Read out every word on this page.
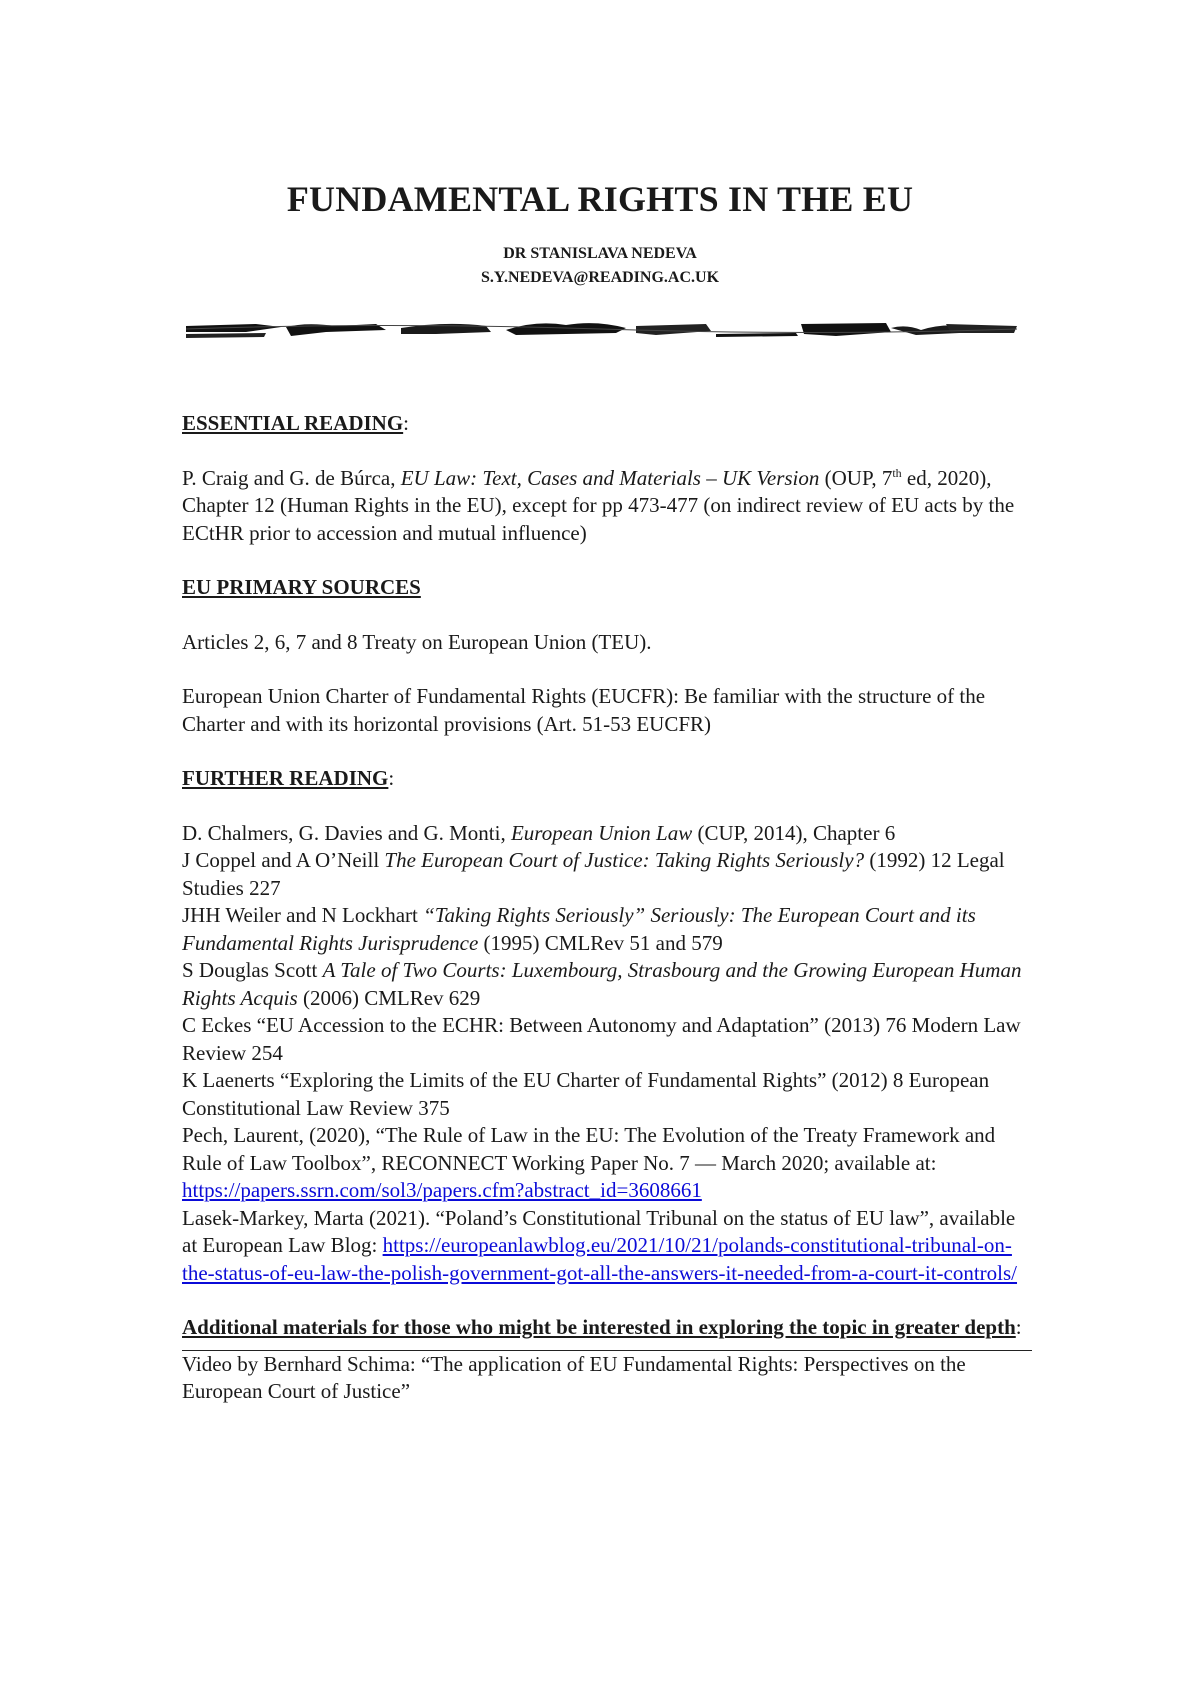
FUNDAMENTAL RIGHTS IN THE EU

DR STANISLAVA NEDEVA

S.Y.NEDEVA@READING.AC.UK

ESSENTIAL READING:

P. Craig and G. de Búrca, EU Law: Text, Cases and Materials – UK Version (OUP, 7th ed, 2020), Chapter 12 (Human Rights in the EU), except for pp 473-477 (on indirect review of EU acts by the ECtHR prior to accession and mutual influence)

EU PRIMARY SOURCES

Articles 2, 6, 7 and 8 Treaty on European Union (TEU).

European Union Charter of Fundamental Rights (EUCFR): Be familiar with the structure of the Charter and with its horizontal provisions (Art. 51-53 EUCFR)

FURTHER READING:

D. Chalmers, G. Davies and G. Monti, European Union Law (CUP, 2014), Chapter 6

J Coppel and A O’Neill The European Court of Justice: Taking Rights Seriously? (1992) 12 Legal Studies 227

JHH Weiler and N Lockhart “Taking Rights Seriously” Seriously: The European Court and its Fundamental Rights Jurisprudence (1995) CMLRev 51 and 579

S Douglas Scott A Tale of Two Courts: Luxembourg, Strasbourg and the Growing European Human Rights Acquis (2006) CMLRev 629

C Eckes “EU Accession to the ECHR: Between Autonomy and Adaptation” (2013) 76 Modern Law Review 254

K Laenerts “Exploring the Limits of the EU Charter of Fundamental Rights” (2012) 8 European Constitutional Law Review 375

Pech, Laurent, (2020), “The Rule of Law in the EU: The Evolution of the Treaty Framework and Rule of Law Toolbox”, RECONNECT Working Paper No. 7 — March 2020; available at: https://papers.ssrn.com/sol3/papers.cfm?abstract_id=3608661

Lasek-Markey, Marta (2021). “Poland’s Constitutional Tribunal on the status of EU law”, available at European Law Blog: https://europeanlawblog.eu/2021/10/21/polands-constitutional-tribunal-on-the-status-of-eu-law-the-polish-government-got-all-the-answers-it-needed-from-a-court-it-controls/

Additional materials for those who might be interested in exploring the topic in greater depth:

Video by Bernhard Schima: “The application of EU Fundamental Rights: Perspectives on the European Court of Justice”
